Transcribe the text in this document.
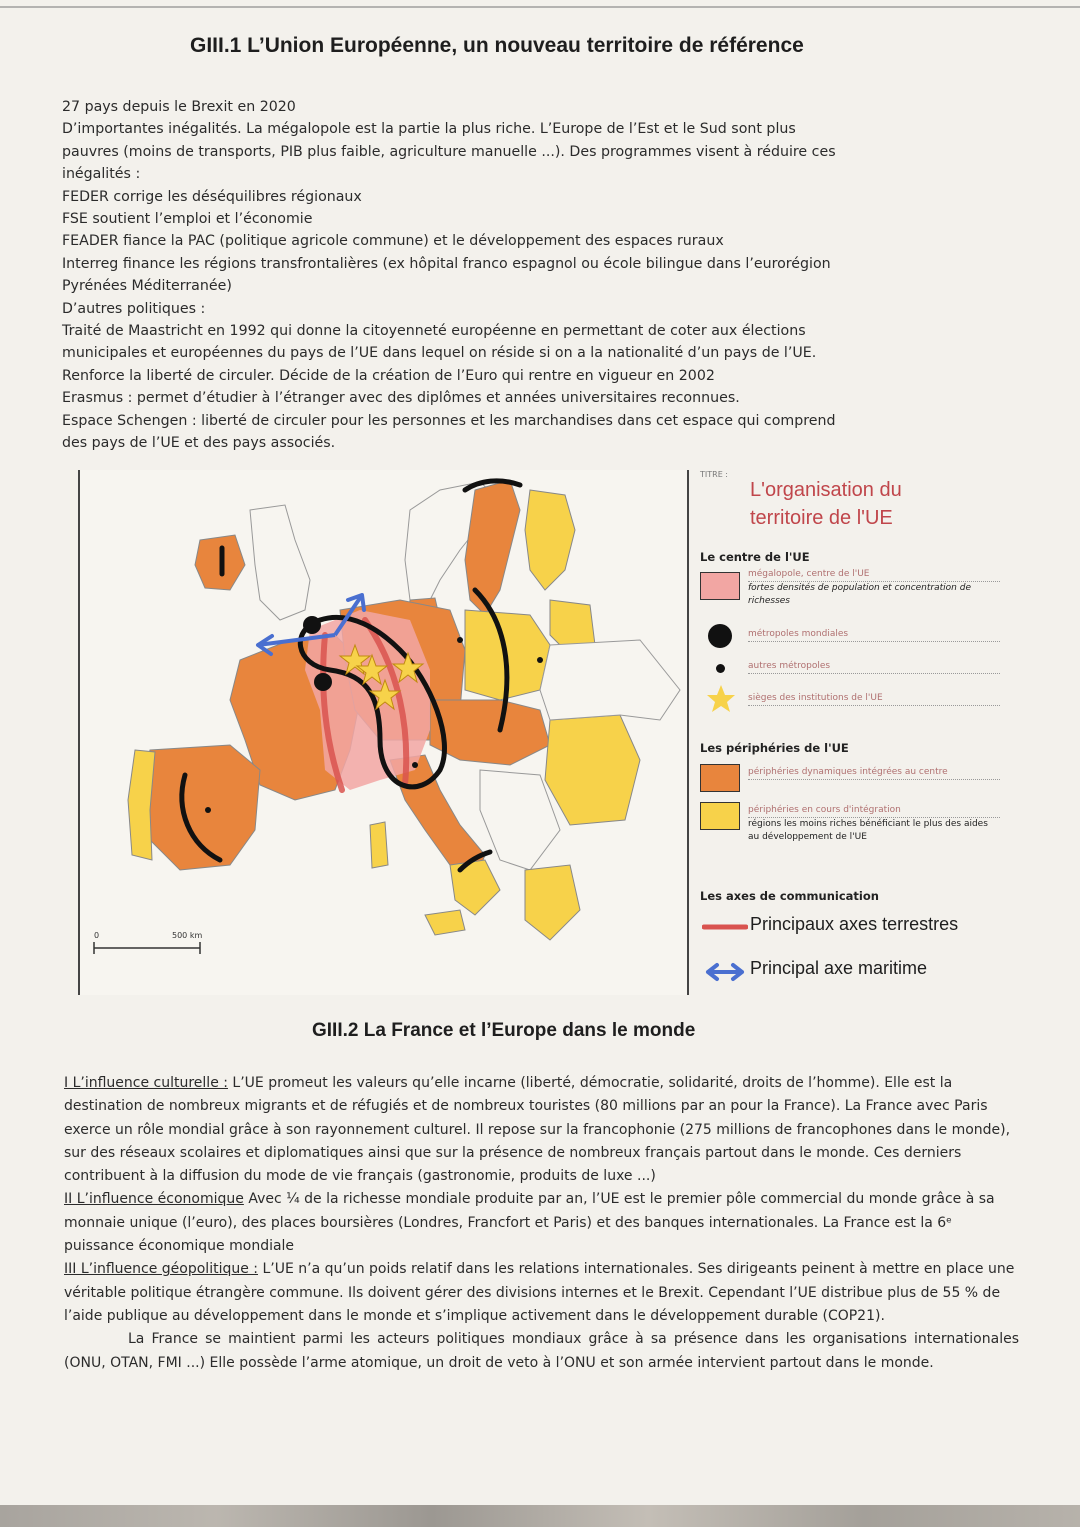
GIII.1 L’Union Européenne, un nouveau territoire de référence

27 pays depuis le Brexit en 2020

D’importantes inégalités. La mégalopole est la partie la plus riche. L’Europe de l’Est et le Sud sont plus

pauvres (moins de transports, PIB plus faible, agriculture manuelle ...). Des programmes visent à réduire ces

inégalités :

FEDER corrige les déséquilibres régionaux

FSE soutient l’emploi et l’économie

FEADER fiance la PAC (politique agricole commune) et le développement des espaces ruraux

Interreg finance les régions transfrontalières (ex hôpital franco espagnol ou école bilingue dans l’eurorégion

Pyrénées Méditerranée)

D’autres politiques :

Traité de Maastricht en 1992 qui donne la citoyenneté européenne en permettant de coter aux élections

municipales et européennes du pays de l’UE dans lequel on réside si on a la nationalité d’un pays de l’UE.

Renforce la liberté de circuler. Décide de la création de l’Euro qui rentre en vigueur en 2002

Erasmus : permet d’étudier à l’étranger avec des diplômes et années universitaires reconnues.

Espace Schengen : liberté de circuler pour les personnes et les marchandises dans cet espace qui comprend

des pays de l’UE et des pays associés.

0	500 km
TITRE :
L'organisation du
territoire de l'UE
Le centre de l'UE
mégalopole, centre de l'UE
fortes densités de population et concentration de richesses
métropoles mondiales
autres métropoles
sièges des institutions de l'UE
Les périphéries de l'UE
périphéries dynamiques intégrées au centre
périphéries en cours d'intégration
régions les moins riches bénéficiant le plus des aides au développement de l'UE
Les axes de communication
Principaux axes terrestres
Principal axe maritime
GIII.2 La France et l’Europe dans le monde

I L’influence culturelle : L’UE promeut les valeurs qu’elle incarne (liberté, démocratie, solidarité, droits de l’homme). Elle est la destination de nombreux migrants et de réfugiés et de nombreux touristes (80 millions par an pour la France). La France avec Paris exerce un rôle mondial grâce à son rayonnement culturel. Il repose sur la francophonie (275 millions de francophones dans le monde), sur des réseaux scolaires et diplomatiques ainsi que sur la présence de nombreux français partout dans le monde. Ces derniers contribuent à la diffusion du mode de vie français (gastronomie, produits de luxe ...)

II L’influence économique Avec ¼ de la richesse mondiale produite par an, l’UE est le premier pôle commercial du monde grâce à sa monnaie unique (l’euro), des places boursières (Londres, Francfort et Paris) et des banques internationales. La France est la 6ᵉ puissance économique mondiale

III L’influence géopolitique : L’UE n’a qu’un poids relatif dans les relations internationales. Ses dirigeants peinent à mettre en place une véritable politique étrangère commune. Ils doivent gérer des divisions internes et le Brexit. Cependant l’UE distribue plus de 55 % de l’aide publique au développement dans le monde et s’implique activement dans le développement durable (COP21).

La France se maintient parmi les acteurs politiques mondiaux grâce à sa présence dans les organisations internationales (ONU, OTAN, FMI ...) Elle possède l’arme atomique, un droit de veto à l’ONU et son armée intervient partout dans le monde.
